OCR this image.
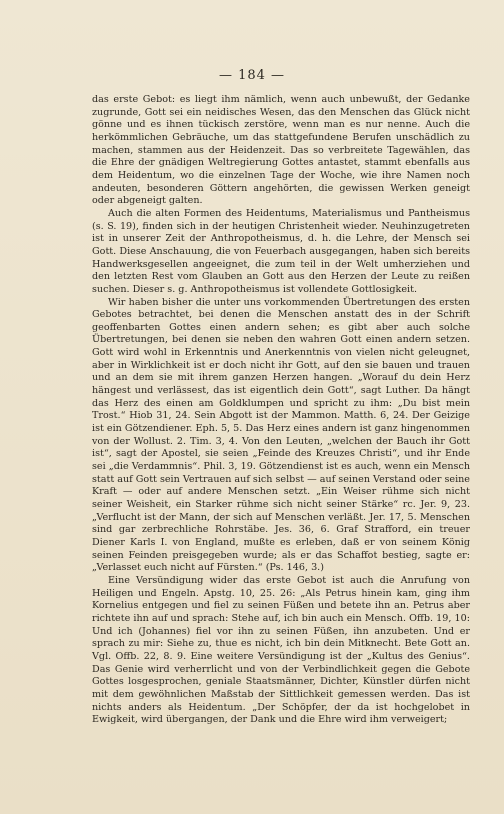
— 184 —

das erste Gebot: es liegt ihm nämlich, wenn auch unbewußt, der Gedanke zugrunde, Gott sei ein neidisches Wesen, das den Menschen das Glück nicht gönne und es ihnen tückisch zerstöre, wenn man es nur nenne. Auch die herkömmlichen Gebräuche, um das stattgefundene Berufen unschädlich zu machen, stammen aus der Heidenzeit. Das so verbreitete Tagewählen, das die Ehre der gnädigen Weltregierung Gottes antastet, stammt ebenfalls aus dem Heidentum, wo die einzelnen Tage der Woche, wie ihre Namen noch andeuten, besonderen Göttern angehörten, die gewissen Werken geneigt oder abgeneigt galten.

Auch die alten Formen des Heidentums, Materialismus und Pantheismus (s. S. 19), finden sich in der heutigen Christenheit wieder. Neuhinzugetreten ist in unserer Zeit der Anthropotheismus, d. h. die Lehre, der Mensch sei Gott. Diese Anschauung, die von Feuerbach ausgegangen, haben sich bereits Handwerksgesellen angeeignet, die zum teil in der Welt umherziehen und den letzten Rest vom Glauben an Gott aus den Herzen der Leute zu reißen suchen. Dieser s. g. Anthropotheismus ist vollendete Gottlosigkeit.

Wir haben bisher die unter uns vorkommenden Übertretungen des ersten Gebotes betrachtet, bei denen die Menschen anstatt des in der Schrift geoffenbarten Gottes einen andern sehen; es gibt aber auch solche Übertretungen, bei denen sie neben den wahren Gott einen andern setzen. Gott wird wohl in Erkenntnis und Anerkenntnis von vielen nicht geleugnet, aber in Wirklichkeit ist er doch nicht ihr Gott, auf den sie bauen und trauen und an dem sie mit ihrem ganzen Herzen hangen. „Worauf du dein Herz hängest und verlässest, das ist eigentlich dein Gott“, sagt Luther. Da hängt das Herz des einen am Goldklumpen und spricht zu ihm: „Du bist mein Trost.“ Hiob 31, 24. Sein Abgott ist der Mammon. Matth. 6, 24. Der Geizige ist ein Götzendiener. Eph. 5, 5. Das Herz eines andern ist ganz hingenommen von der Wollust. 2. Tim. 3, 4. Von den Leuten, „welchen der Bauch ihr Gott ist“, sagt der Apostel, sie seien „Feinde des Kreuzes Christi“, und ihr Ende sei „die Verdammnis“. Phil. 3, 19. Götzendienst ist es auch, wenn ein Mensch statt auf Gott sein Vertrauen auf sich selbst — auf seinen Verstand oder seine Kraft — oder auf andere Menschen setzt. „Ein Weiser rühme sich nicht seiner Weisheit, ein Starker rühme sich nicht seiner Stärke“ rc. Jer. 9, 23. „Verflucht ist der Mann, der sich auf Menschen verläßt. Jer. 17, 5. Menschen sind gar zerbrechliche Rohrstäbe. Jes. 36, 6. Graf Strafford, ein treuer Diener Karls I. von England, mußte es erleben, daß er von seinem König seinen Feinden preisgegeben wurde; als er das Schaffot bestieg, sagte er: „Verlasset euch nicht auf Fürsten.“ (Ps. 146, 3.)

Eine Versündigung wider das erste Gebot ist auch die Anrufung von Heiligen und Engeln. Apstg. 10, 25. 26: „Als Petrus hinein kam, ging ihm Kornelius entgegen und fiel zu seinen Füßen und betete ihn an. Petrus aber richtete ihn auf und sprach: Stehe auf, ich bin auch ein Mensch. Offb. 19, 10: Und ich (Johannes) fiel vor ihn zu seinen Füßen, ihn anzubeten. Und er sprach zu mir: Siehe zu, thue es nicht, ich bin dein Mitknecht. Bete Gott an. Vgl. Offb. 22, 8. 9. Eine weitere Versündigung ist der „Kultus des Genius“. Das Genie wird verherrlicht und von der Verbindlichkeit gegen die Gebote Gottes losgesprochen, geniale Staatsmänner, Dichter, Künstler dürfen nicht mit dem gewöhnlichen Maßstab der Sittlichkeit gemessen werden. Das ist nichts anders als Heidentum. „Der Schöpfer, der da ist hochgelobet in Ewigkeit, wird übergangen, der Dank und die Ehre wird ihm verweigert;
